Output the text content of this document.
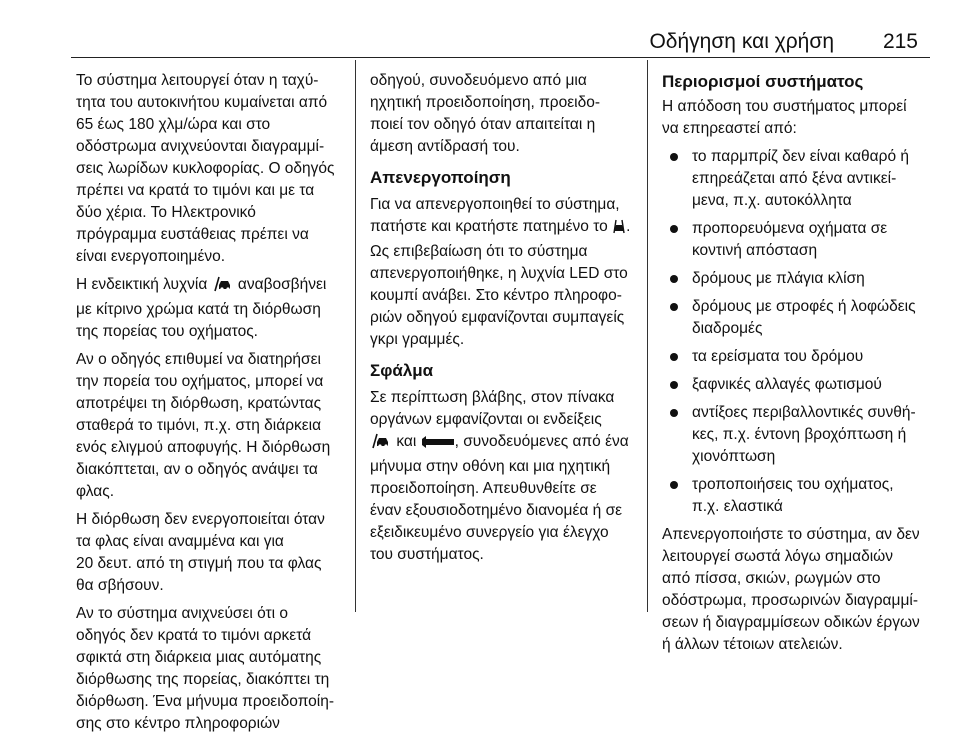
Οδήγηση και χρήση 215

Το σύστημα λειτουργεί όταν η ταχύ-
τητα του αυτοκινήτου κυμαίνεται από
65 έως 180 χλμ/ώρα και στο
οδόστρωμα ανιχνεύονται διαγραμμί-
σεις λωρίδων κυκλοφορίας. Ο οδηγός
πρέπει να κρατά το τιμόνι και με τα
δύο χέρια. Το Ηλεκτρονικό
πρόγραμμα ευστάθειας πρέπει να
είναι ενεργοποιημένο.

Η ενδεικτική λυχνία αναβοσβήνει
με κίτρινο χρώμα κατά τη διόρθωση
της πορείας του οχήματος.

Αν ο οδηγός επιθυμεί να διατηρήσει
την πορεία του οχήματος, μπορεί να
αποτρέψει τη διόρθωση, κρατώντας
σταθερά το τιμόνι, π.χ. στη διάρκεια
ενός ελιγμού αποφυγής. Η διόρθωση
διακόπτεται, αν ο οδηγός ανάψει τα
φλας.

Η διόρθωση δεν ενεργοποιείται όταν
τα φλας είναι αναμμένα και για
20 δευτ. από τη στιγμή που τα φλας
θα σβήσουν.

Αν το σύστημα ανιχνεύσει ότι ο
οδηγός δεν κρατά το τιμόνι αρκετά
σφικτά στη διάρκεια μιας αυτόματης
διόρθωσης της πορείας, διακόπτει τη
διόρθωση. Ένα μήνυμα προειδοποίη-
σης στο κέντρο πληροφοριών

οδηγού, συνοδευόμενο από μια
ηχητική προειδοποίηση, προειδο-
ποιεί τον οδηγό όταν απαιτείται η
άμεση αντίδρασή του.

Απενεργοποίηση

Για να απενεργοποιηθεί το σύστημα,
πατήστε και κρατήστε πατημένο το .
Ως επιβεβαίωση ότι το σύστημα
απενεργοποιήθηκε, η λυχνία LED στο
κουμπί ανάβει. Στο κέντρο πληροφο-
ριών οδηγού εμφανίζονται συμπαγείς
γκρι γραμμές.

Σφάλμα

Σε περίπτωση βλάβης, στον πίνακα
οργάνων εμφανίζονται οι ενδείξεις
και , συνοδευόμενες από ένα
μήνυμα στην οθόνη και μια ηχητική
προειδοποίηση. Απευθυνθείτε σε
έναν εξουσιοδοτημένο διανομέα ή σε
εξειδικευμένο συνεργείο για έλεγχο
του συστήματος.

Περιορισμοί συστήματος

Η απόδοση του συστήματος μπορεί
να επηρεαστεί από:

το παρμπρίζ δεν είναι καθαρό ή
επηρεάζεται από ξένα αντικεί-
μενα, π.χ. αυτοκόλλητα
προπορευόμενα οχήματα σε
κοντινή απόσταση
δρόμους με πλάγια κλίση
δρόμους με στροφές ή λοφώδεις
διαδρομές
τα ερείσματα του δρόμου
ξαφνικές αλλαγές φωτισμού
αντίξοες περιβαλλοντικές συνθή-
κες, π.χ. έντονη βροχόπτωση ή
χιονόπτωση
τροποποιήσεις του οχήματος,
π.χ. ελαστικά

Απενεργοποιήστε το σύστημα, αν δεν
λειτουργεί σωστά λόγω σημαδιών
από πίσσα, σκιών, ρωγμών στο
οδόστρωμα, προσωρινών διαγραμμί-
σεων ή διαγραμμίσεων οδικών έργων
ή άλλων τέτοιων ατελειών.
